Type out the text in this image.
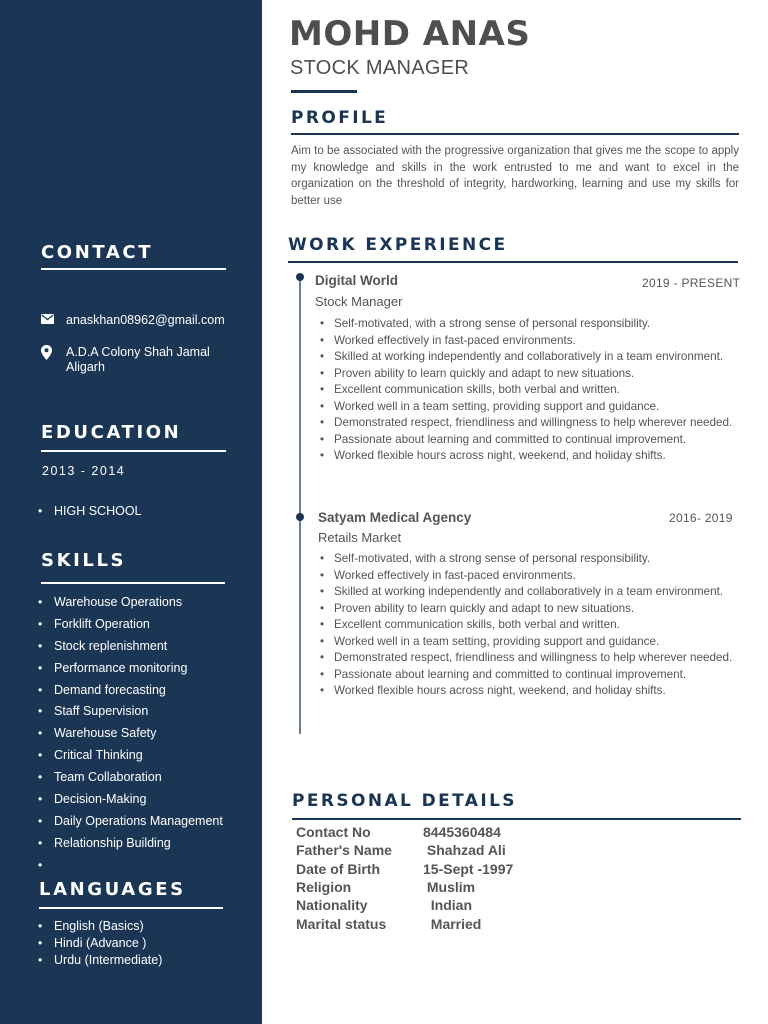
CONTACT
anaskhan08962@gmail.com
A.D.A Colony Shah Jamal
Aligarh
EDUCATION
2013 - 2014
• HIGH SCHOOL
SKILLS
• Warehouse Operations
• Forklift Operation
• Stock replenishment
• Performance monitoring
• Demand forecasting
• Staff Supervision
• Warehouse Safety
• Critical Thinking
• Team Collaboration
• Decision-Making
• Daily Operations Management
• Relationship Building
•
LANGUAGES
• English (Basics)
• Hindi (Advance )
• Urdu (Intermediate)
MOHD ANAS
STOCK MANAGER
PROFILE
Aim to be associated with the progressive organization that gives me the scope to apply my knowledge and skills in the work entrusted to me and want to excel in the organization on the threshold of integrity, hardworking, learning and use my skills for better use
WORK EXPERIENCE
Digital World	2019 - PRESENT
Stock Manager
• Self-motivated, with a strong sense of personal responsibility.
• Worked effectively in fast-paced environments.
• Skilled at working independently and collaboratively in a team environment.
• Proven ability to learn quickly and adapt to new situations.
• Excellent communication skills, both verbal and written.
• Worked well in a team setting, providing support and guidance.
• Demonstrated respect, friendliness and willingness to help wherever needed.
• Passionate about learning and committed to continual improvement.
• Worked flexible hours across night, weekend, and holiday shifts.
Satyam Medical Agency	2016- 2019
Retails Market
• Self-motivated, with a strong sense of personal responsibility.
• Worked effectively in fast-paced environments.
• Skilled at working independently and collaboratively in a team environment.
• Proven ability to learn quickly and adapt to new situations.
• Excellent communication skills, both verbal and written.
• Worked well in a team setting, providing support and guidance.
• Demonstrated respect, friendliness and willingness to help wherever needed.
• Passionate about learning and committed to continual improvement.
• Worked flexible hours across night, weekend, and holiday shifts.
PERSONAL DETAILS
Contact No	8445360484
Father's Name	Shahzad Ali
Date of Birth	15-Sept -1997
Religion	Muslim
Nationality	Indian
Marital status	Married
